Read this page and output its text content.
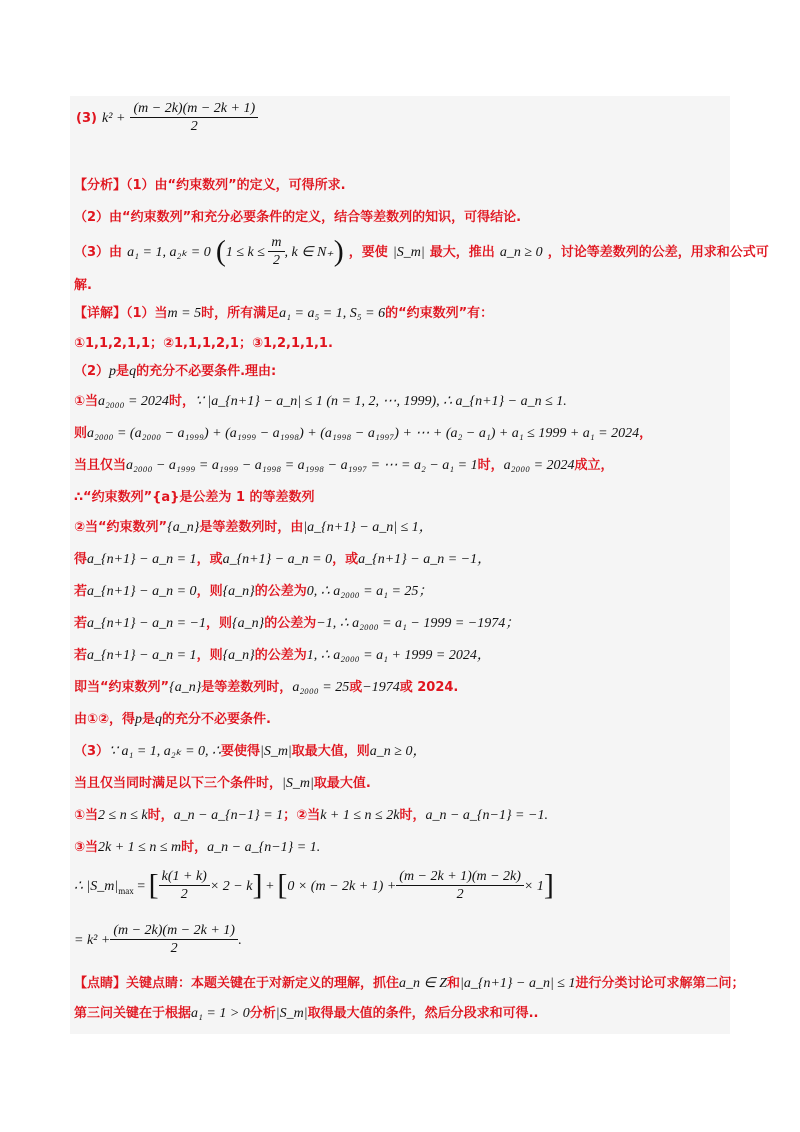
(3) $k^2 + \frac{(m - 2k)(m - 2k + 1)}{2}$
【分析】（1）由“约束数列”的定义，可得所求.
（2）由“约束数列”和充分必要条件的定义，结合等差数列的知识，可得结论.
（3）由 a₁ = 1, a₂ₖ = 0 ($1 \le k \le \frac{m}{2}$ , k ∈ N₊) ，要使 |S_m| 最大，推出 a_n ≥ 0 ，讨论等差数列的公差，用求和公式可
解.
【详解】（1）当m = 5时，所有满足a₁ = a₅ = 1, S₅ = 6的“约束数列”有：
①1,1,2,1,1；②1,1,1,2,1；③1,2,1,1,1.
（2）p是q的充分不必要条件.理由:
①当a₂₀₀₀ = 2024时，∵ |a_{n+1} − a_n| ≤ 1 (n = 1, 2, ⋯, 1999), ∴ a_{n+1} − a_n ≤ 1.
则a₂₀₀₀ = (a₂₀₀₀ − a₁₉₉₉) + (a₁₉₉₉ − a₁₉₉₈) + (a₁₉₉₈ − a₁₉₉₇) + ⋯ + (a₂ − a₁) + a₁ ≤ 1999 + a₁ = 2024，
当且仅当a₂₀₀₀ − a₁₉₉₉ = a₁₉₉₉ − a₁₉₉₈ = a₁₉₉₈ − a₁₉₉₇ = ⋯ = a₂ − a₁ = 1时，a₂₀₀₀ = 2024成立，
∴“约束数列”{a}是公差为 1 的等差数列
②当“约束数列”{a_n}是等差数列时，由|a_{n+1} − a_n| ≤ 1，
得a_{n+1} − a_n = 1，或a_{n+1} − a_n = 0，或a_{n+1} − a_n = −1，
若a_{n+1} − a_n = 0，则{a_n}的公差为0, ∴ a₂₀₀₀ = a₁ = 25；
若a_{n+1} − a_n = −1，则{a_n}的公差为−1, ∴ a₂₀₀₀ = a₁ − 1999 = −1974；
若a_{n+1} − a_n = 1，则{a_n}的公差为1, ∴ a₂₀₀₀ = a₁ + 1999 = 2024，
即当“约束数列”{a_n}是等差数列时，a₂₀₀₀ = 25或−1974或 2024.
由①②，得p是q的充分不必要条件.
（3）∵ a₁ = 1, a₂ₖ = 0, ∴要使得|S_m|取最大值，则a_n ≥ 0，
当且仅当同时满足以下三个条件时，|S_m|取最大值.
①当2 ≤ n ≤ k时，a_n − a_{n−1} = 1；②当k + 1 ≤ n ≤ 2k时，a_n − a_{n−1} = −1.
③当2k + 1 ≤ n ≤ m时，a_n − a_{n−1} = 1.
∴ $|S\_m|_{max}$ = [ $\frac{k(1 + k)}{2} \times 2 - k] + [0 \times (m - 2k + 1) + \frac{(m - 2k + 1)(m - 2k)}{2} \times 1]$
= $k^2 + \frac{(m - 2k)(m - 2k + 1)}{2}$ .
【点睛】关键点睛：本题关键在于对新定义的理解，抓住a_n ∈ Z和|a_{n+1} − a_n| ≤ 1进行分类讨论可求解第二问；
第三问关键在于根据a₁ = 1 > 0分析|S_m|取得最大值的条件，然后分段求和可得..
